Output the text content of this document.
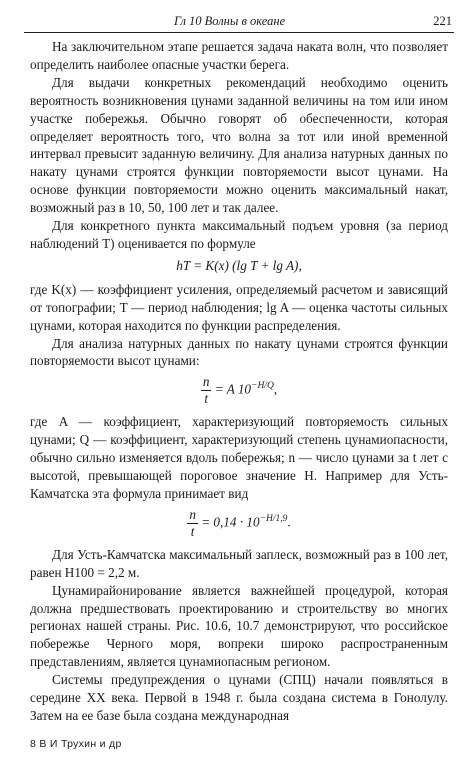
Гл 10 Волны в океане	221

На заключительном этапе решается задача наката волн, что позволяет определить наиболее опасные участки берега.

Для выдачи конкретных рекомендаций необходимо оценить вероятность возникновения цунами заданной величины на том или ином участке побережья. Обычно говорят об обеспеченности, которая определяет вероятность того, что волна за тот или иной временной интервал превысит заданную величину. Для анализа натурных данных по накату цунами строятся функции повторяемости высот цунами. На основе функции повторяемости можно оценить максимальный накат, возможный раз в 10, 50, 100 лет и так далее.

Для конкретного пункта максимальный подъем уровня (за период наблюдений T) оценивается по формуле

hT = K(x) (lg T + lg A),

где K(x) — коэффициент усиления, определяемый расчетом и зависящий от топографии; T — период наблюдения; lg A — оценка частоты сильных цунами, которая находится по функции распределения.

Для анализа натурных данных по накату цунами строятся функции повторяемости высот цунами:

$\frac{n}{t} = A$ $10^{-H/Q}$,

где A — коэффициент, характеризующий повторяемость сильных цунами; Q — коэффициент, характеризующий степень цунамиопасности, обычно сильно изменяется вдоль побережья; n — число цунами за t лет с высотой, превышающей пороговое значение H. Например для Усть-Камчатска эта формула принимает вид

$\frac{n}{t} = 0,14 \cdot 10^{-H/1,9}$.

Для Усть-Камчатска максимальный заплеск, возможный раз в 100 лет, равен H100 = 2,2 м.

Цунамирайонирование является важнейшей процедурой, которая должна предшествовать проектированию и строительству во многих регионах нашей страны. Рис. 10.6, 10.7 демонстрируют, что российское побережье Черного моря, вопреки широко распространенным представлениям, является цунамиопасным регионом.

Системы предупреждения о цунами (СПЦ) начали появляться в середине XX века. Первой в 1948 г. была создана система в Гонолулу. Затем на ее базе была создана международная

8 В И Трухин и др
